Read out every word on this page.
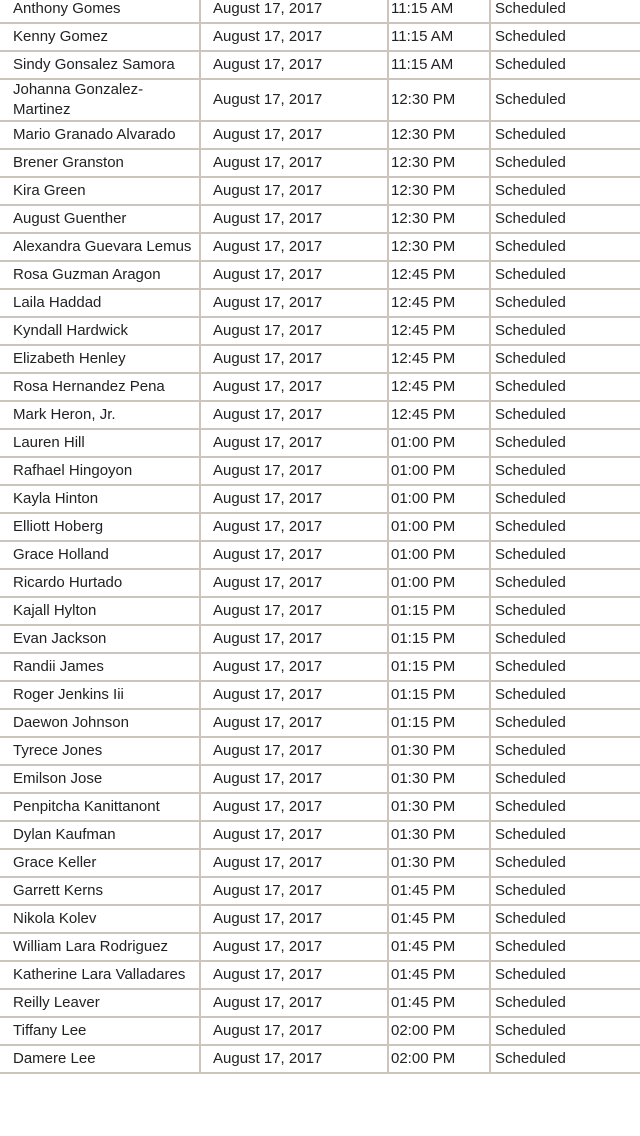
Anthony Gomes	August 17, 2017	11:15 AM	Scheduled
Kenny Gomez	August 17, 2017	11:15 AM	Scheduled
Sindy Gonsalez Samora	August 17, 2017	11:15 AM	Scheduled
Johanna Gonzalez-Martinez	August 17, 2017	12:30 PM	Scheduled
Mario Granado Alvarado	August 17, 2017	12:30 PM	Scheduled
Brener Granston	August 17, 2017	12:30 PM	Scheduled
Kira Green	August 17, 2017	12:30 PM	Scheduled
August Guenther	August 17, 2017	12:30 PM	Scheduled
Alexandra Guevara Lemus	August 17, 2017	12:30 PM	Scheduled
Rosa Guzman Aragon	August 17, 2017	12:45 PM	Scheduled
Laila Haddad	August 17, 2017	12:45 PM	Scheduled
Kyndall Hardwick	August 17, 2017	12:45 PM	Scheduled
Elizabeth Henley	August 17, 2017	12:45 PM	Scheduled
Rosa Hernandez Pena	August 17, 2017	12:45 PM	Scheduled
Mark Heron, Jr.	August 17, 2017	12:45 PM	Scheduled
Lauren Hill	August 17, 2017	01:00 PM	Scheduled
Rafhael Hingoyon	August 17, 2017	01:00 PM	Scheduled
Kayla Hinton	August 17, 2017	01:00 PM	Scheduled
Elliott Hoberg	August 17, 2017	01:00 PM	Scheduled
Grace Holland	August 17, 2017	01:00 PM	Scheduled
Ricardo Hurtado	August 17, 2017	01:00 PM	Scheduled
Kajall Hylton	August 17, 2017	01:15 PM	Scheduled
Evan Jackson	August 17, 2017	01:15 PM	Scheduled
Randii James	August 17, 2017	01:15 PM	Scheduled
Roger Jenkins Iii	August 17, 2017	01:15 PM	Scheduled
Daewon Johnson	August 17, 2017	01:15 PM	Scheduled
Tyrece Jones	August 17, 2017	01:30 PM	Scheduled
Emilson Jose	August 17, 2017	01:30 PM	Scheduled
Penpitcha Kanittanont	August 17, 2017	01:30 PM	Scheduled
Dylan Kaufman	August 17, 2017	01:30 PM	Scheduled
Grace Keller	August 17, 2017	01:30 PM	Scheduled
Garrett Kerns	August 17, 2017	01:45 PM	Scheduled
Nikola Kolev	August 17, 2017	01:45 PM	Scheduled
William Lara Rodriguez	August 17, 2017	01:45 PM	Scheduled
Katherine Lara Valladares	August 17, 2017	01:45 PM	Scheduled
Reilly Leaver	August 17, 2017	01:45 PM	Scheduled
Tiffany Lee	August 17, 2017	02:00 PM	Scheduled
Damere Lee	August 17, 2017	02:00 PM	Scheduled
